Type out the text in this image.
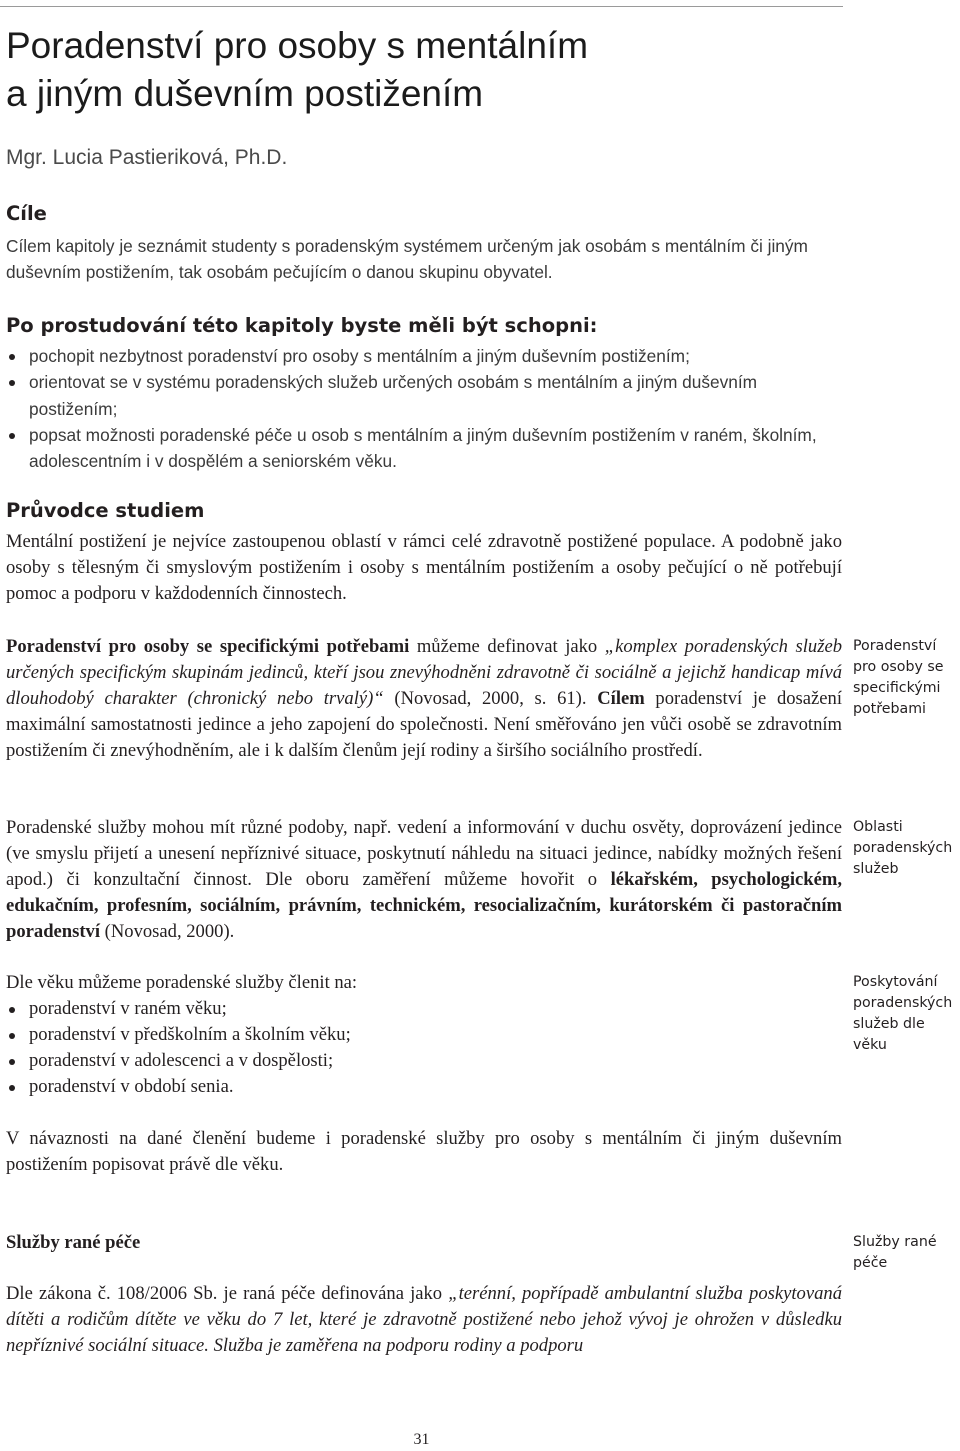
Poradenství pro osoby s mentálním
a jiným duševním postižením

Mgr. Lucia Pastieriková, Ph.D.

Cíle

Cílem kapitoly je seznámit studenty s poradenským systémem určeným jak osobám s mentálním či jiným duševním postižením, tak osobám pečujícím o danou skupinu obyvatel.

Po prostudování této kapitoly byste měli být schopni:

pochopit nezbytnost poradenství pro osoby s mentálním a jiným duševním postižením;
orientovat se v systému poradenských služeb určených osobám s mentálním a jiným duševním postižením;
popsat možnosti poradenské péče u osob s mentálním a jiným duševním postižením v raném, školním, adolescentním i v dospělém a seniorském věku.

Průvodce studiem

Mentální postižení je nejvíce zastoupenou oblastí v rámci celé zdravotně postižené populace. A podobně jako osoby s tělesným či smyslovým postižením i osoby s mentálním postižením a osoby pečující o ně potřebují pomoc a podporu v každodenních činnostech.

Poradenství pro osoby se specifickými potřebami můžeme definovat jako „komplex poradenských služeb určených specifickým skupinám jedinců, kteří jsou znevýhodněni zdravotně či sociálně a jejichž handicap mívá dlouhodobý charakter (chronický nebo trvalý)“ (Novosad, 2000, s. 61). Cílem poradenství je dosažení maximální samostatnosti jedince a jeho zapojení do společnosti. Není směřováno jen vůči osobě se zdravotním postižením či znevýhodněním, ale i k dalším členům její rodiny a širšího sociálního prostředí.

Poradenské služby mohou mít různé podoby, např. vedení a informování v duchu osvěty, doprovázení jedince (ve smyslu přijetí a unesení nepříznivé situace, poskytnutí náhledu na situaci jedince, nabídky možných řešení apod.) či konzultační činnost. Dle oboru zaměření můžeme hovořit o lékařském, psychologickém, edukačním, profesním, sociálním, právním, technickém, resocializačním, kurátorském či pastoračním poradenství (Novosad, 2000).

Dle věku můžeme poradenské služby členit na:

poradenství v raném věku;
poradenství v předškolním a školním věku;
poradenství v adolescenci a v dospělosti;
poradenství v období senia.

V návaznosti na dané členění budeme i poradenské služby pro osoby s mentálním či jiným duševním postižením popisovat právě dle věku.

Služby rané péče

Dle zákona č. 108/2006 Sb. je raná péče definována jako „terénní, popřípadě ambulantní služba poskytovaná dítěti a rodičům dítěte ve věku do 7 let, které je zdravotně postižené nebo jehož vývoj je ohrožen v důsledku nepříznivé sociální situace. Služba je zaměřena na podporu rodiny a podporu

Poradenství pro osoby se specifickými potřebami

Oblasti poradenských služeb

Poskytování poradenských služeb dle věku

Služby rané péče

31
